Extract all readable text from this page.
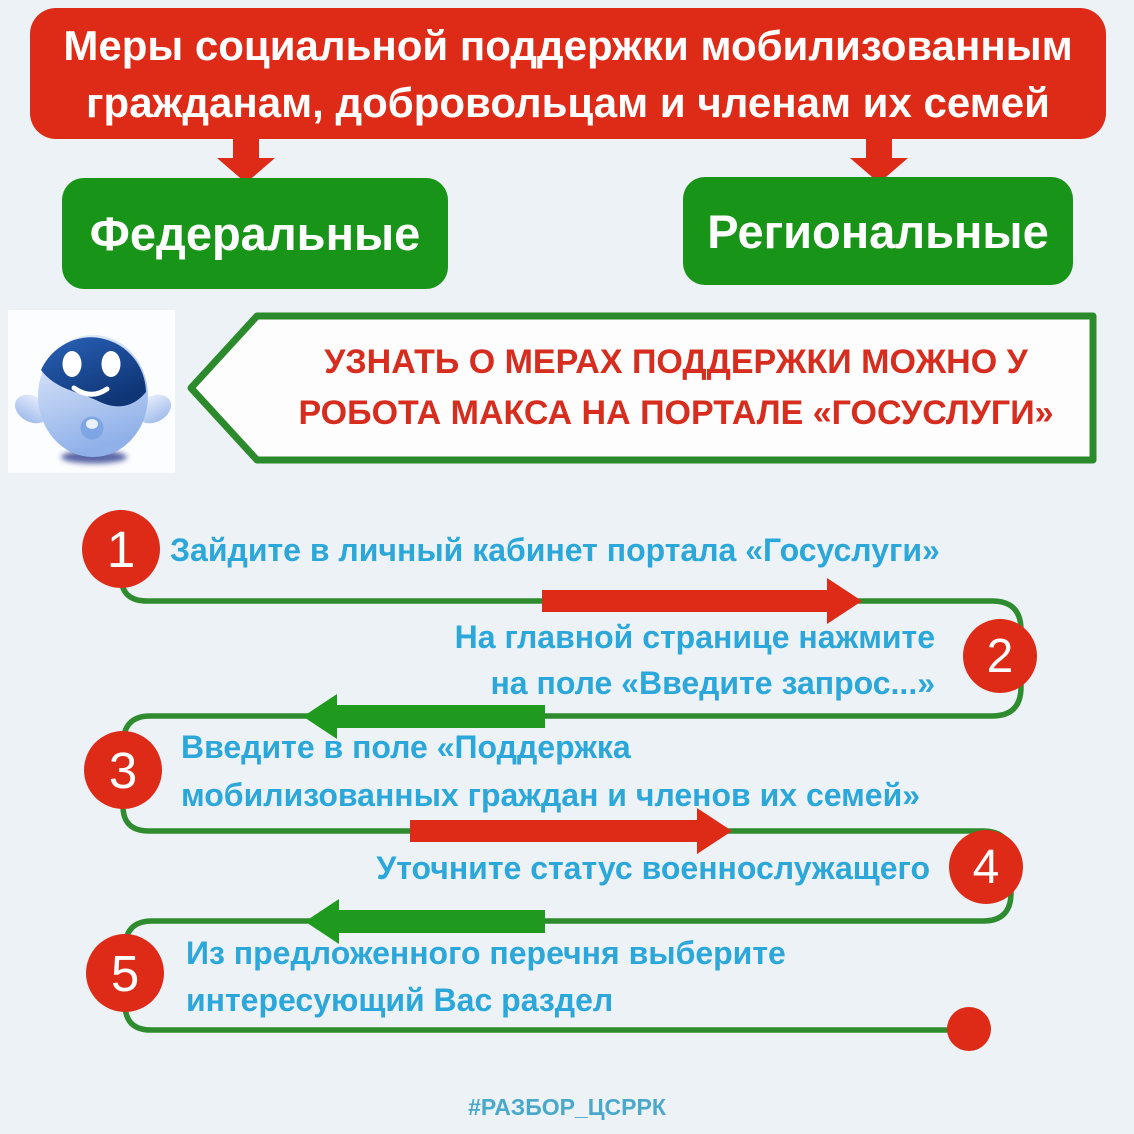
Меры социальной поддержки мобилизованным
гражданам, добровольцам и членам их семей
Федеральные	Региональные
УЗНАТЬ О МЕРАХ ПОДДЕРЖКИ МОЖНО У
РОБОТА МАКСА НА ПОРТАЛЕ «ГОСУСЛУГИ»
1
2
3
4
5
Зайдите в личный кабинет портала «Госуслуги»
На главной странице нажмите
на поле «Введите запрос...»
Введите в поле «Поддержка
мобилизованных граждан и членов их семей»
Уточните статус военнослужащего
Из предложенного перечня выберите
интересующий Вас раздел
#РАЗБОР_ЦСРРК
